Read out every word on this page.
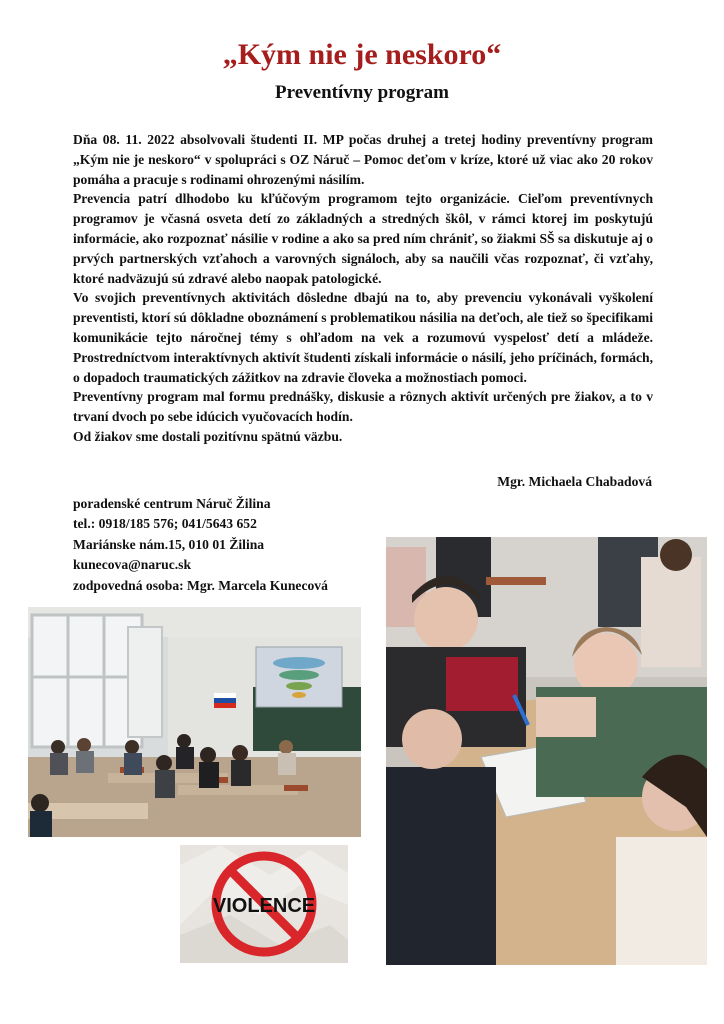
„Kým nie je neskoro“
Preventívny program

Dňa 08. 11. 2022 absolvovali študenti II. MP počas druhej a tretej hodiny preventívny program „Kým nie je neskoro“ v spolupráci s OZ Náruč – Pomoc deťom v kríze, ktoré už viac ako 20 rokov pomáha a pracuje s rodinami ohrozenými násilím.

Prevencia patrí dlhodobo ku kľúčovým programom tejto organizácie. Cieľom preventívnych programov je včasná osveta detí zo základných a stredných škôl, v rámci ktorej im poskytujú informácie, ako rozpoznať násilie v rodine a ako sa pred ním chrániť, so žiakmi SŠ sa diskutuje aj o prvých partnerských vzťahoch a varovných signáloch, aby sa naučili včas rozpoznať, či vzťahy, ktoré nadväzujú sú zdravé alebo naopak patologické.

Vo svojich preventívnych aktivitách dôsledne dbajú na to, aby prevenciu vykonávali vyškolení preventisti, ktorí sú dôkladne oboznámení s problematikou násilia na deťoch, ale tiež so špecifikami komunikácie tejto náročnej témy s ohľadom na vek a rozumovú vyspelosť detí a mládeže. Prostredníctvom interaktívnych aktivít študenti získali informácie o násilí, jeho príčinách, formách, o dopadoch traumatických zážitkov na zdravie človeka a možnostiach pomoci.

Preventívny program mal formu prednášky, diskusie a rôznych aktivít určených pre žiakov, a to v trvaní dvoch po sebe idúcich vyučovacích hodín.

Od žiakov sme dostali pozitívnu spätnú väzbu.

Mgr. Michaela Chabadová
poradenské centrum Náruč Žilina
tel.: 0918/185 576; 041/5643 652
Mariánske nám.15, 010 01 Žilina
kunecova@naruc.sk
zodpovedná osoba: Mgr. Marcela Kunecová
VIOLENCE
